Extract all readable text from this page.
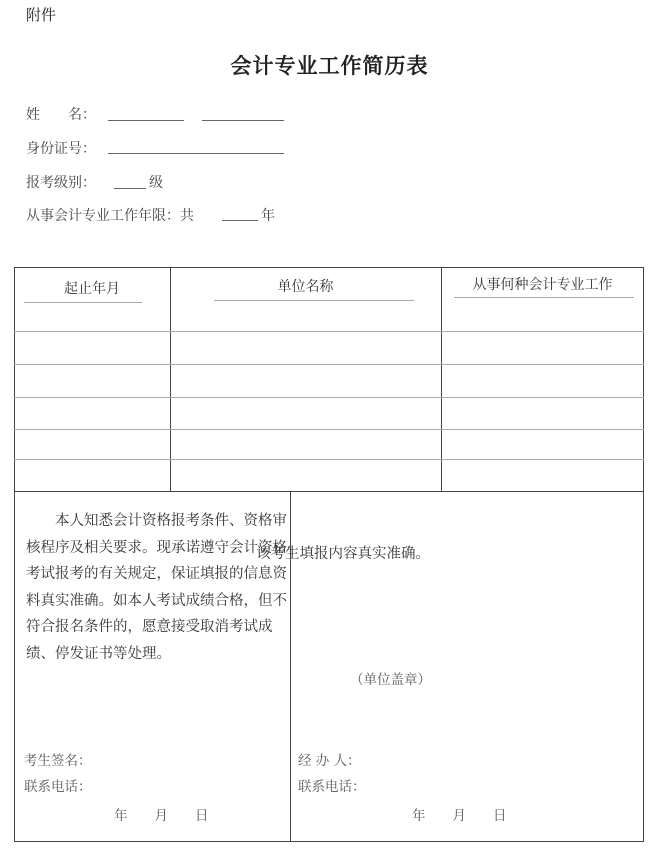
附件
会计专业工作简历表
姓　　名：
身份证号：
报考级别：	级
从事会计专业工作年限：共	年
起止年月	单位名称	从事何种会计专业工作
该考生填报内容真实准确。
（单位盖章）
考生签名：
联系电话：
年　　月　　日
经 办 人：
联系电话：
年　　月　　日
本人知悉会计资格报考条件、资格审核程序及相关要求。现承诺遵守会计资格考试报考的有关规定，保证填报的信息资料真实准确。如本人考试成绩合格，但不符合报名条件的，愿意接受取消考试成绩、停发证书等处理。
